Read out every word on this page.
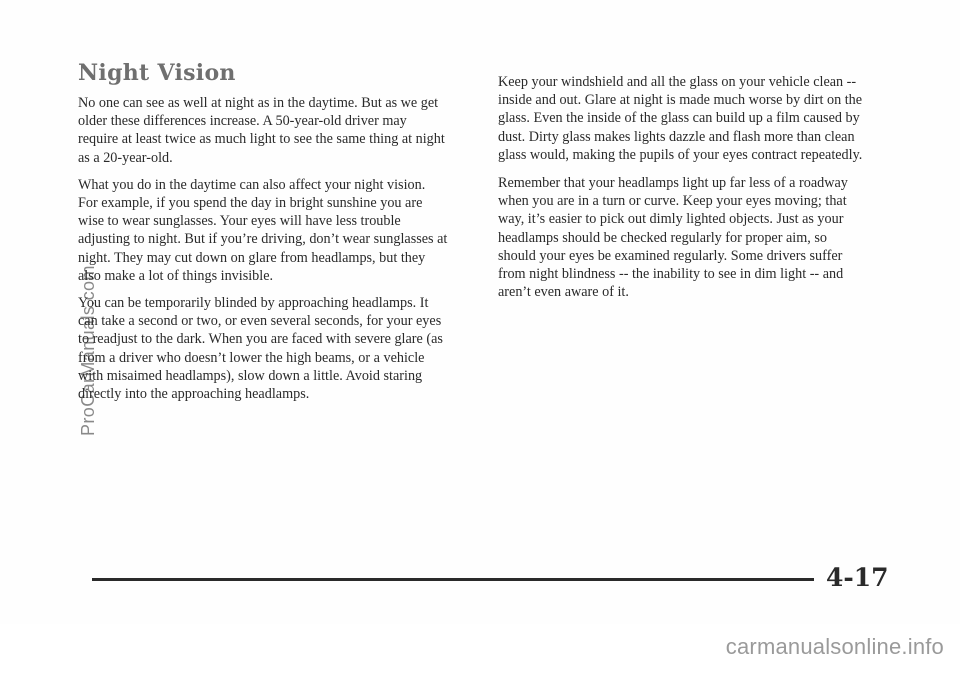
Night Vision

No one can see as well at night as in the daytime. But as we get older these differences increase. A 50-year-old driver may require at least twice as much light to see the same thing at night as a 20-year-old.

What you do in the daytime can also affect your night vision. For example, if you spend the day in bright sunshine you are wise to wear sunglasses. Your eyes will have less trouble adjusting to night. But if you’re driving, don’t wear sunglasses at night. They may cut down on glare from headlamps, but they also make a lot of things invisible.

You can be temporarily blinded by approaching headlamps. It can take a second or two, or even several seconds, for your eyes to readjust to the dark. When you are faced with severe glare (as from a driver who doesn’t lower the high beams, or a vehicle with misaimed headlamps), slow down a little. Avoid staring directly into the approaching headlamps.

Keep your windshield and all the glass on your vehicle clean -- inside and out. Glare at night is made much worse by dirt on the glass. Even the inside of the glass can build up a film caused by dust. Dirty glass makes lights dazzle and flash more than clean glass would, making the pupils of your eyes contract repeatedly.

Remember that your headlamps light up far less of a roadway when you are in a turn or curve. Keep your eyes moving; that way, it’s easier to pick out dimly lighted objects. Just as your headlamps should be checked regularly for proper aim, so should your eyes be examined regularly. Some drivers suffer from night blindness -- the inability to see in dim light -- and aren’t even aware of it.

ProCarManuals.com
4-17
carmanualsonline.info
